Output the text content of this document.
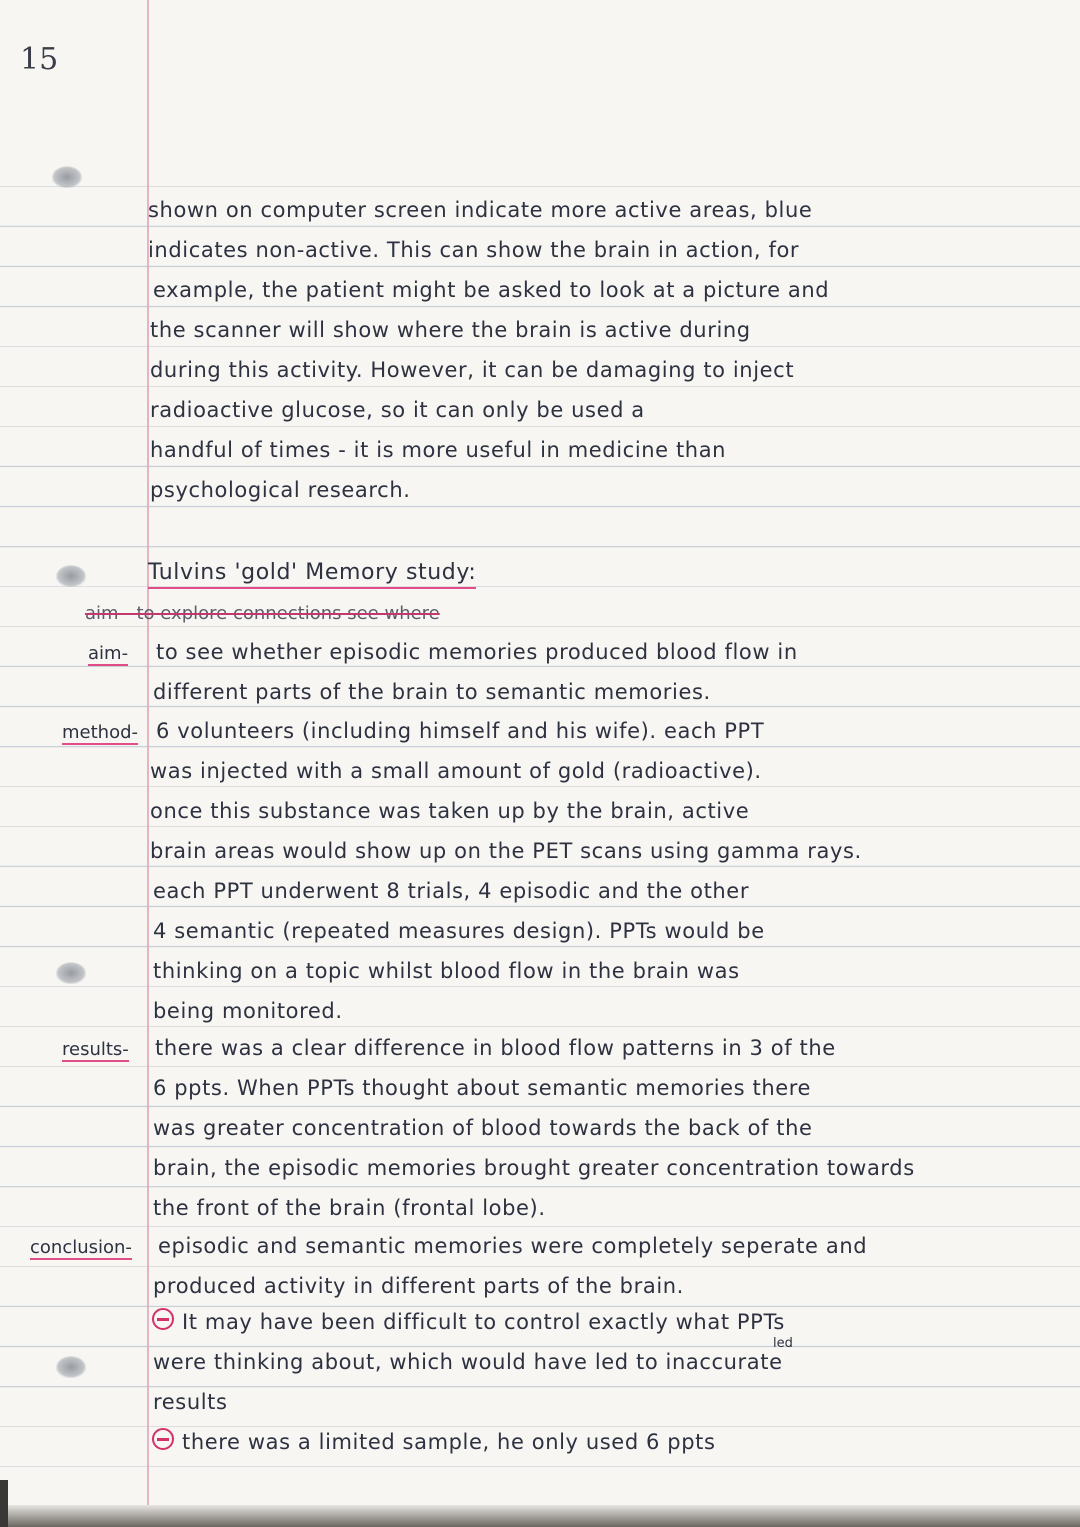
15
shown on computer screen indicate more active areas, blue
indicates non-active. This can show the brain in action, for
example, the patient might be asked to look at a picture and
the scanner will show where the brain is active during
during this activity. However, it can be damaging to inject
radioactive glucose, so it can only be used a
handful of times - it is more useful in medicine than
psychological research.
Tulvins 'gold' Memory study:
aim - to explore connections see where
aim- to see whether episodic memories produced blood flow in
different parts of the brain to semantic memories.
method- 6 volunteers (including himself and his wife). each PPT
was injected with a small amount of gold (radioactive).
once this substance was taken up by the brain, active
brain areas would show up on the PET scans using gamma rays.
each PPT underwent 8 trials, 4 episodic and the other
4 semantic (repeated measures design). PPTs would be
thinking on a topic whilst blood flow in the brain was
being monitored.
results- there was a clear difference in blood flow patterns in 3 of the
6 ppts. When PPTs thought about semantic memories there
was greater concentration of blood towards the back of the
brain, the episodic memories brought greater concentration towards
the front of the brain (frontal lobe).
conclusion- episodic and semantic memories were completely seperate and
produced activity in different parts of the brain.
It may have been difficult to control exactly what PPTs
led
were thinking about, which would have led to inaccurate
results
there was a limited sample, he only used 6 ppts
